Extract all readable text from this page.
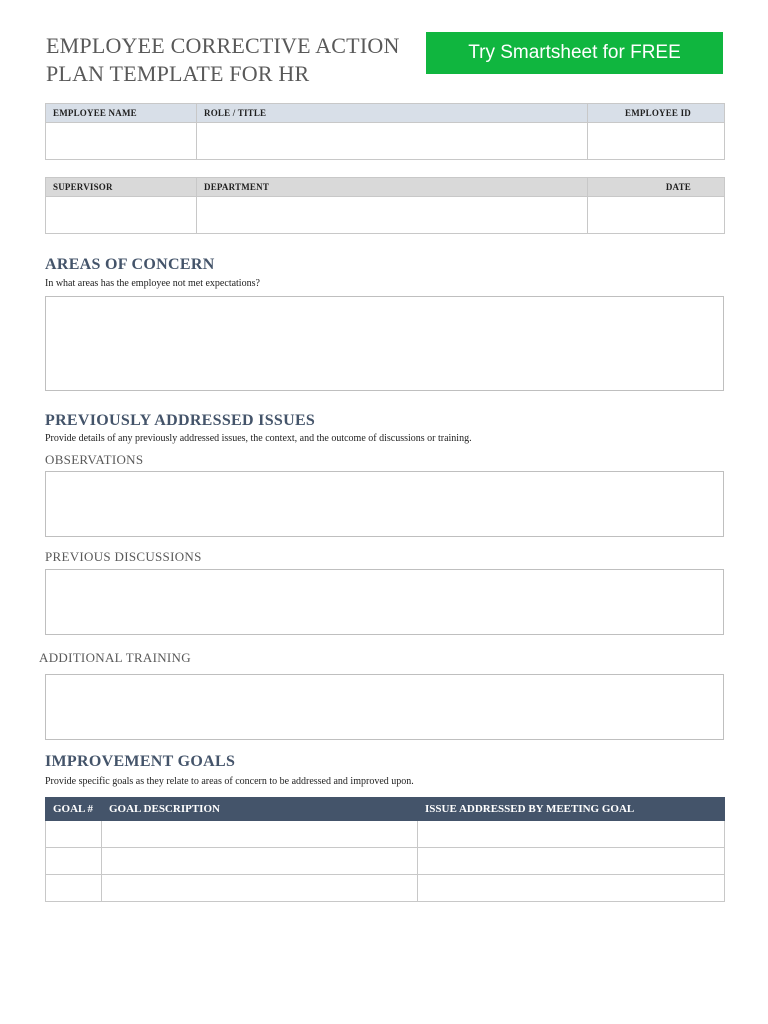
EMPLOYEE CORRECTIVE ACTION
PLAN TEMPLATE FOR HR
Try Smartsheet for FREE
EMPLOYEE NAME	ROLE / TITLE	EMPLOYEE ID

SUPERVISOR	DEPARTMENT	DATE

AREAS OF CONCERN
In what areas has the employee not met expectations?
PREVIOUSLY ADDRESSED ISSUES
Provide details of any previously addressed issues, the context, and the outcome of discussions or training.
OBSERVATIONS
PREVIOUS DISCUSSIONS
ADDITIONAL TRAINING
IMPROVEMENT GOALS
Provide specific goals as they relate to areas of concern to be addressed and improved upon.
GOAL #	GOAL DESCRIPTION	ISSUE ADDRESSED BY MEETING GOAL
